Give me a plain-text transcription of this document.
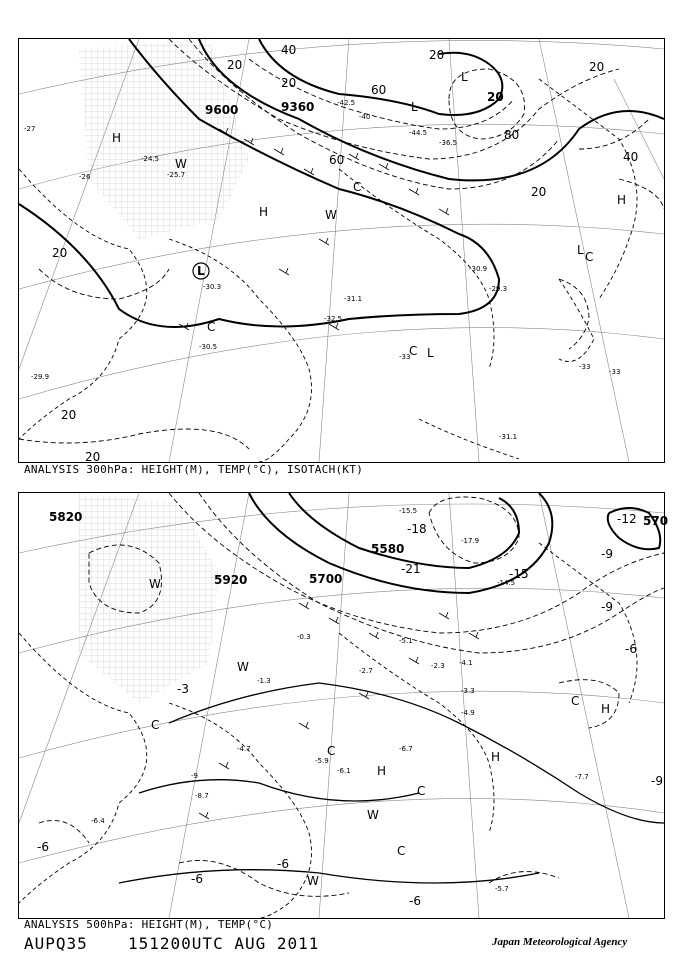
9600	9360
20
40
60
80
20
40
60
20
20
20
20
20
20
20
H
W
H	W
L
L
C
L
C
C
H
L
C
L
-27
-26
-24.5
-25.7
-29.3
-30.9
-32.5
-31.1
-30.3
-33
-33
-33
-31.1
-30.5
-29.9
-44.5
-42.5
-40
-36.5
ANALYSIS 300hPa: HEIGHT(M), TEMP(°C), ISOTACH(KT)
5820
5920	5700
5580
570
-18
-21	-15
-12
-9
-9
-6
-6
-6
-6
-6
-3
-9
W
W
C
H
C
C
H
H
W
C
W
C
-15.5
-17.9
-14.5
-5.1
-4.1
-3.3
-4.9
-5.9
-6.7
-7.7
-5.7
-4.7
-2.7
-2.3
-1.3
-0.3
-9
-8.7
-6.1
-6.4
ANALYSIS 500hPa: HEIGHT(M), TEMP(°C)
AUPQ35	151200UTC AUG 2011	Japan Meteorological Agency
